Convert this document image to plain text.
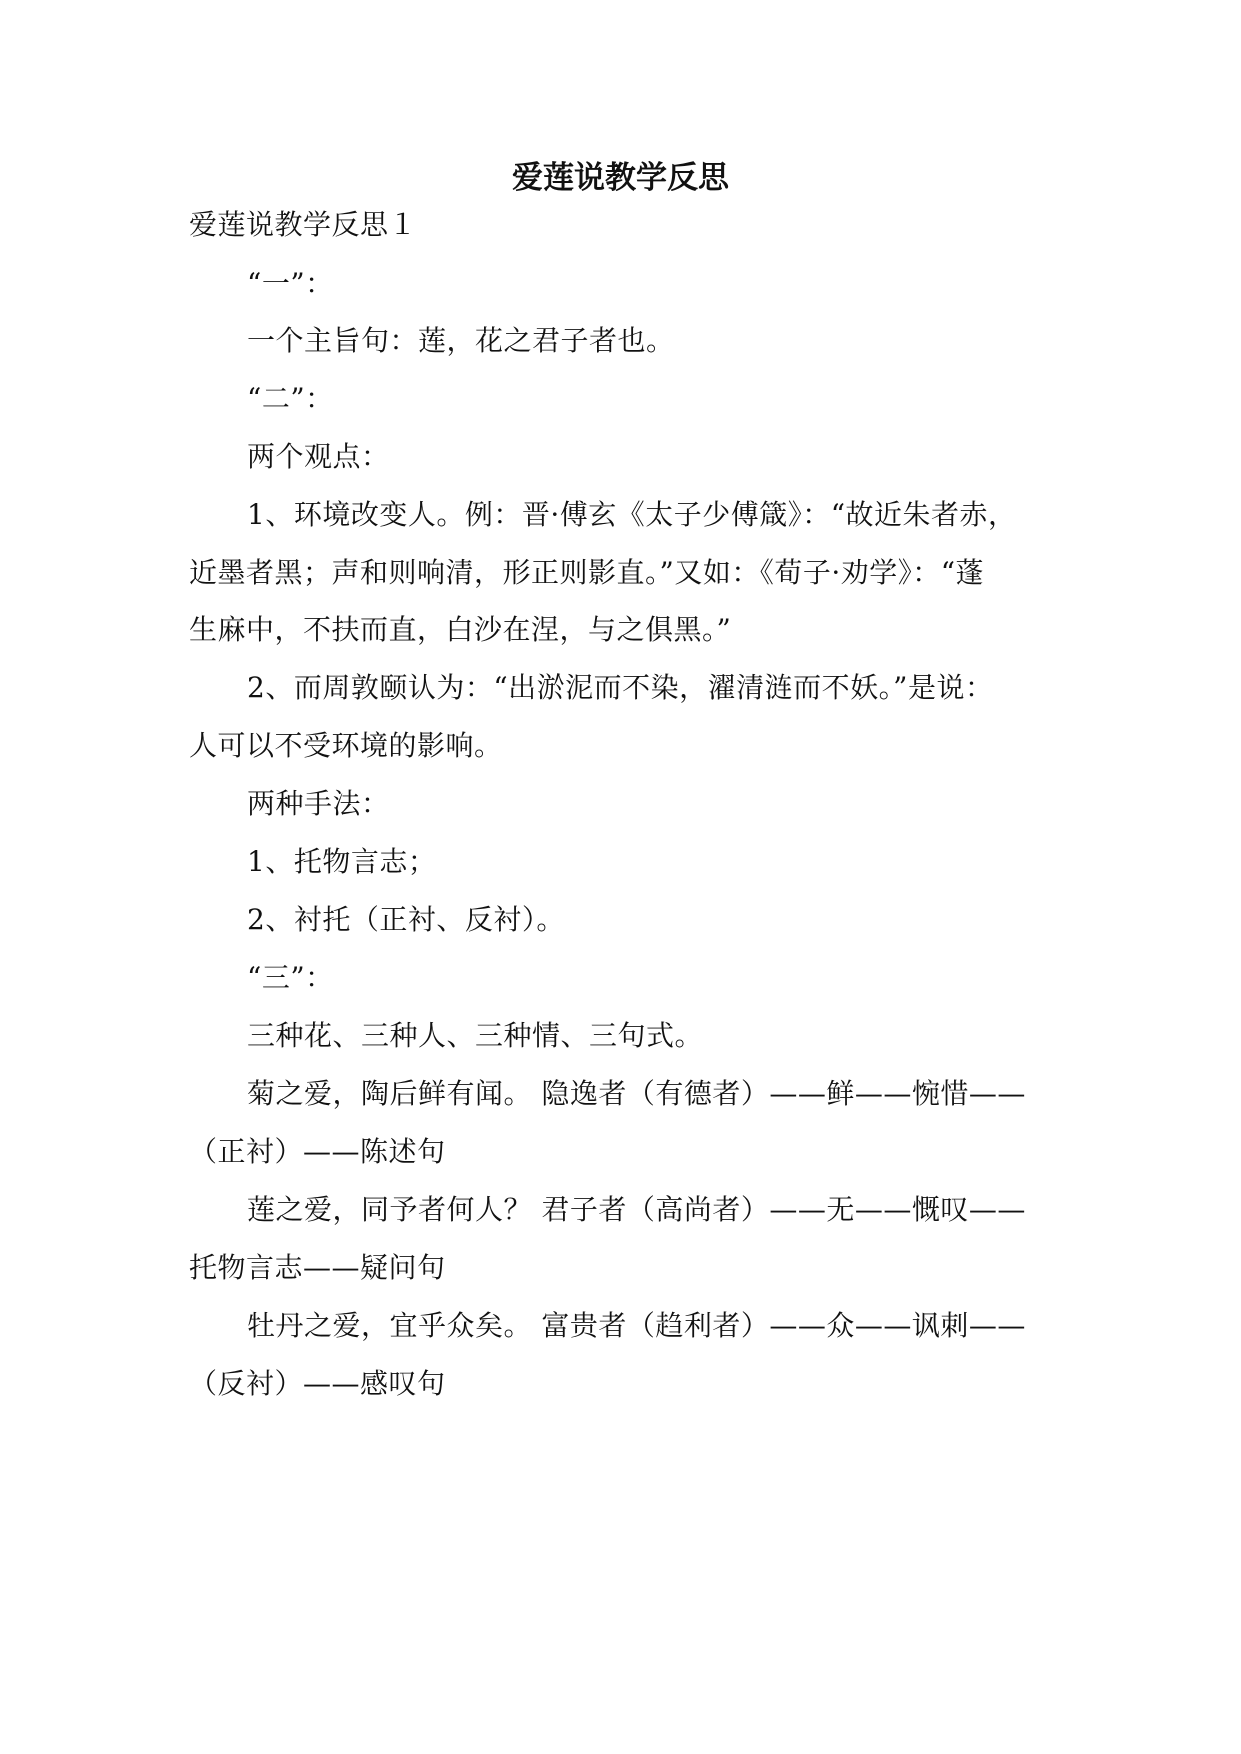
爱莲说教学反思
爱莲说教学反思１
“一”：
一个主旨句：莲，花之君子者也。
“二”：
两个观点：
1、环境改变人。例：晋·傅玄《太子少傅箴》：“故近朱者赤，
近墨者黑；声和则响清，形正则影直。”又如：《荀子·劝学》：“蓬
生麻中，不扶而直，白沙在涅，与之俱黑。”
2、而周敦颐认为：“出淤泥而不染，濯清涟而不妖。”是说：
人可以不受环境的影响。
两种手法：
1、托物言志；
2、衬托（正衬、反衬）。
“三”：
三种花、三种人、三种情、三句式。
菊之爱，陶后鲜有闻。 隐逸者（有德者）——鲜——惋惜——
（正衬）——陈述句
莲之爱，同予者何人？ 君子者（高尚者）——无——慨叹——
托物言志——疑问句
牡丹之爱，宜乎众矣。 富贵者（趋利者）——众——讽刺——
（反衬）——感叹句
